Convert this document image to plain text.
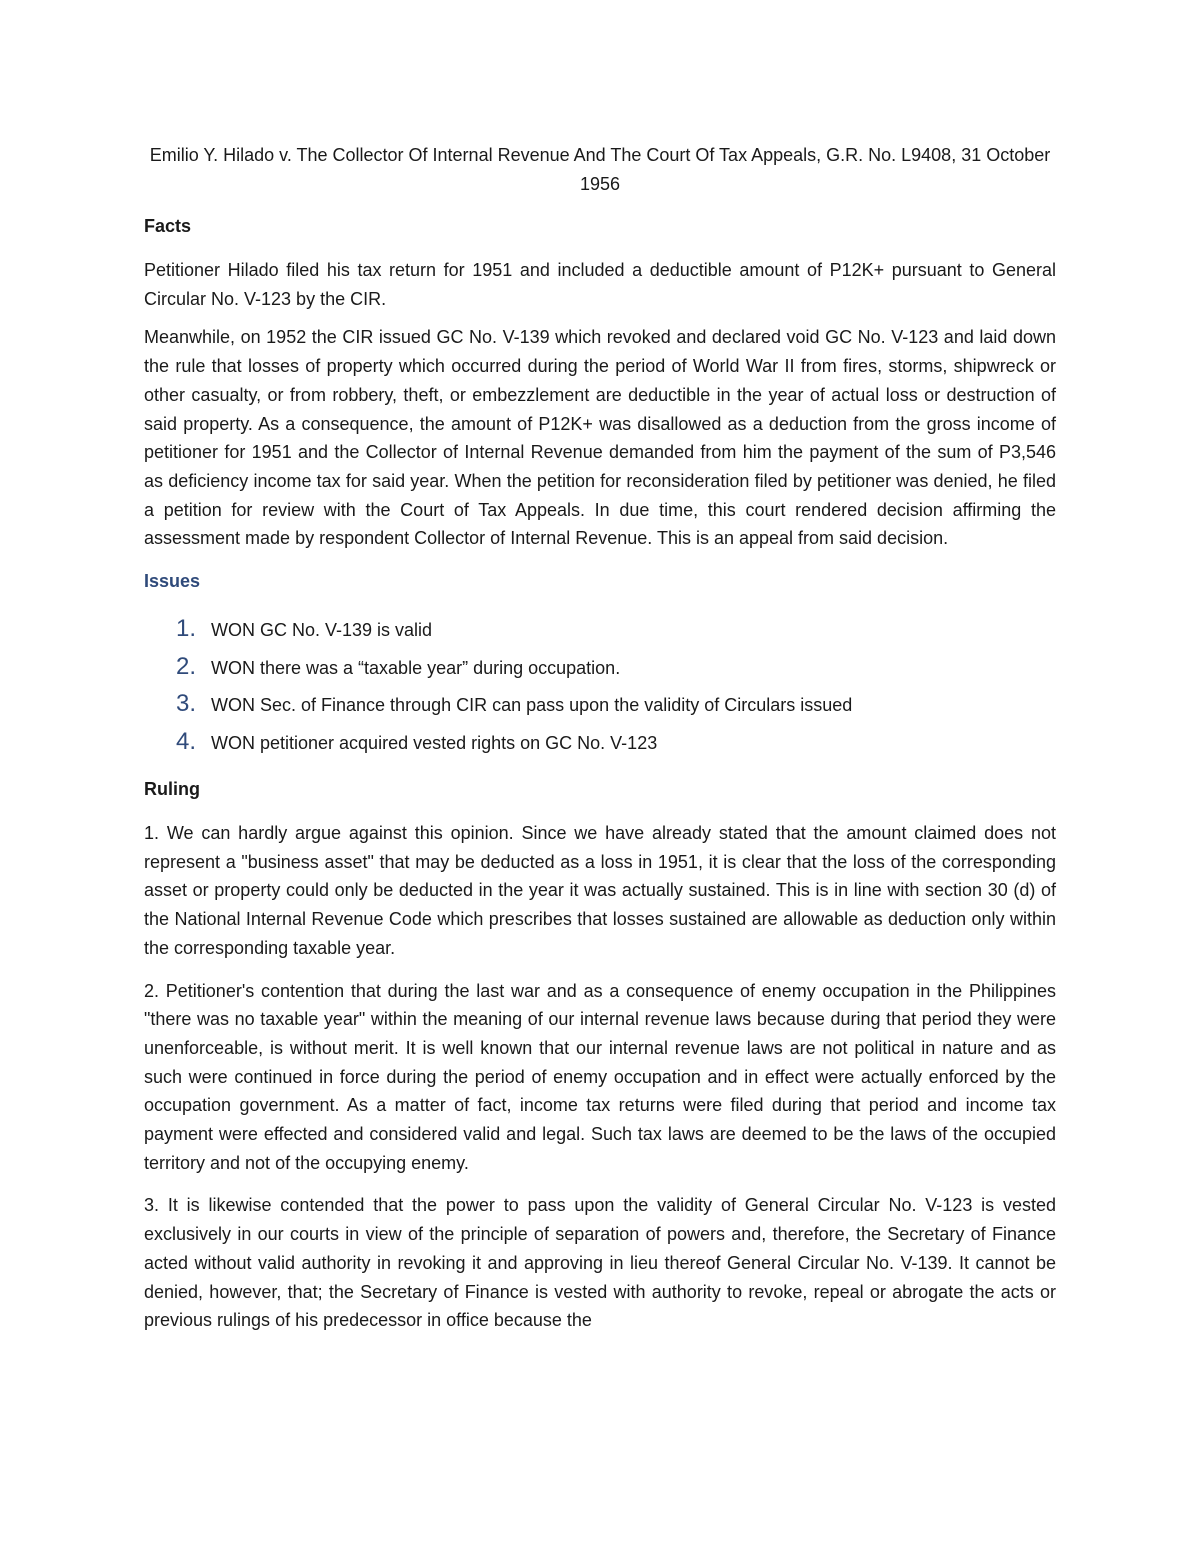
Emilio Y. Hilado v. The Collector Of Internal Revenue And The Court Of Tax Appeals, G.R. No. L9408, 31 October 1956
Facts

Petitioner Hilado filed his tax return for 1951 and included a deductible amount of P12K+ pursuant to General Circular No. V-123 by the CIR.

Meanwhile, on 1952 the CIR issued GC No. V-139 which revoked and declared void GC No. V-123 and laid down the rule that losses of property which occurred during the period of World War II from fires, storms, shipwreck or other casualty, or from robbery, theft, or embezzlement are deductible in the year of actual loss or destruction of said property. As a consequence, the amount of P12K+ was disallowed as a deduction from the gross income of petitioner for 1951 and the Collector of Internal Revenue demanded from him the payment of the sum of P3,546 as deficiency income tax for said year. When the petition for reconsideration filed by petitioner was denied, he filed a petition for review with the Court of Tax Appeals. In due time, this court rendered decision affirming the assessment made by respondent Collector of Internal Revenue. This is an appeal from said decision.

Issues
1. WON GC No. V-139 is valid
2. WON there was a “taxable year” during occupation.
3. WON Sec. of Finance through CIR can pass upon the validity of Circulars issued
4. WON petitioner acquired vested rights on GC No. V-123
Ruling

1. We can hardly argue against this opinion. Since we have already stated that the amount claimed does not represent a "business asset" that may be deducted as a loss in 1951, it is clear that the loss of the corresponding asset or property could only be deducted in the year it was actually sustained. This is in line with section 30 (d) of the National Internal Revenue Code which prescribes that losses sustained are allowable as deduction only within the corresponding taxable year.

2. Petitioner's contention that during the last war and as a consequence of enemy occupation in the Philippines "there was no taxable year" within the meaning of our internal revenue laws because during that period they were unenforceable, is without merit. It is well known that our internal revenue laws are not political in nature and as such were continued in force during the period of enemy occupation and in effect were actually enforced by the occupation government. As a matter of fact, income tax returns were filed during that period and income tax payment were effected and considered valid and legal. Such tax laws are deemed to be the laws of the occupied territory and not of the occupying enemy.

3. It is likewise contended that the power to pass upon the validity of General Circular No. V-123 is vested exclusively in our courts in view of the principle of separation of powers and, therefore, the Secretary of Finance acted without valid authority in revoking it and approving in lieu thereof General Circular No. V-139. It cannot be denied, however, that; the Secretary of Finance is vested with authority to revoke, repeal or abrogate the acts or previous rulings of his predecessor in office because the
